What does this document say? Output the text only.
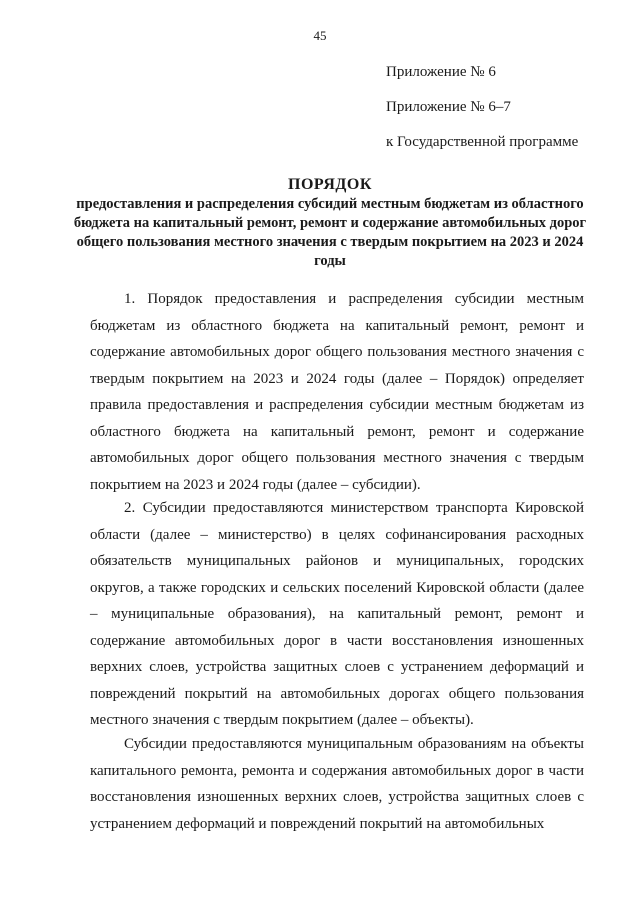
45
Приложение № 6
Приложение № 6–7
к Государственной программе
ПОРЯДОК
предоставления и распределения субсидий местным бюджетам из областного бюджета на капитальный ремонт, ремонт и содержание автомобильных дорог общего пользования местного значения с твердым покрытием на 2023 и 2024 годы

1. Порядок предоставления и распределения субсидии местным бюджетам из областного бюджета на капитальный ремонт, ремонт и содержание автомобильных дорог общего пользования местного значения с твердым покрытием на 2023 и 2024 годы (далее – Порядок) определяет правила предоставления и распределения субсидии местным бюджетам из областного бюджета на капитальный ремонт, ремонт и содержание автомобильных дорог общего пользования местного значения с твердым покрытием на 2023 и 2024 годы (далее – субсидии).

2. Субсидии предоставляются министерством транспорта Кировской области (далее – министерство) в целях софинансирования расходных обязательств муниципальных районов и муниципальных, городских округов, а также городских и сельских поселений Кировской области (далее – муниципальные образования), на капитальный ремонт, ремонт и содержание автомобильных дорог в части восстановления изношенных верхних слоев, устройства защитных слоев с устранением деформаций и повреждений покрытий на автомобильных дорогах общего пользования местного значения с твердым покрытием (далее – объекты).

Субсидии предоставляются муниципальным образованиям на объекты капитального ремонта, ремонта и содержания автомобильных дорог в части восстановления изношенных верхних слоев, устройства защитных слоев с устранением деформаций и повреждений покрытий на автомобильных
